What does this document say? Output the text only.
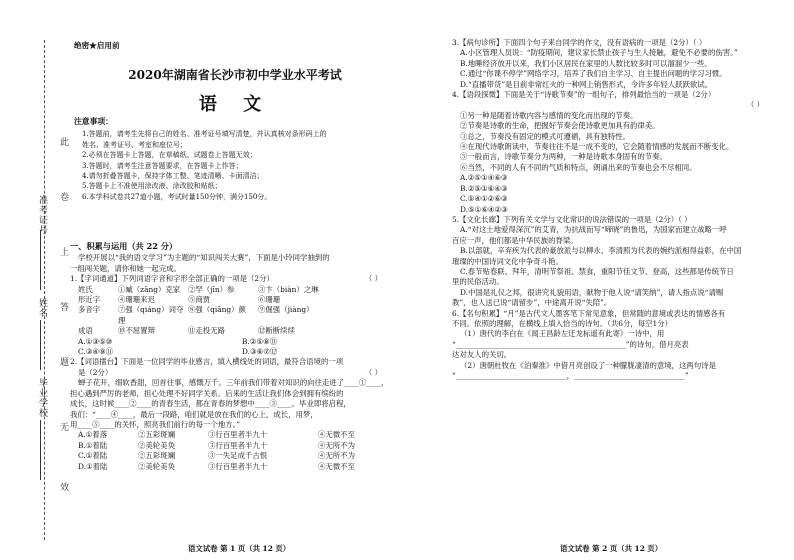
准考证号
姓名
毕业学校
此
卷
上
答
题
无
效
绝密★启用前
2020年湖南省长沙市初中学业水平考试
语 文
注意事项：
1.答题前，请考生先将自己的姓名、准考证号填写清楚，并认真核对条形码上的
姓名、准考证号、考室和座位号；
2.必须在答题卡上答题，在草稿纸、试题卷上答题无效；
3.答题时，请考生注意答题要求，在答题卡上作答；
4.请勿折叠答题卡，保持字体工整、笔迹清晰、卡面清洁；
5.答题卡上不准使用涂改液、涂改胶和贴纸；
6.本学科试卷共27道小题，考试时量150分钟，满分150分。
一、积累与运用（共 22 分）
学校开展以“我的语文学习”为主题的“知识闯关大赛”，下面是小玲同学抽到的
一组闯关题，请你和她一起完成。
1.【字词通道】下列词语字音和字形全部正确的一项是（2分）	（ ）
姓氏	①臧（zāng）克家	②罕（jīn）参	③卞（biàn）之琳
形近字	④珊珊来迟	⑤商贾	⑥珊珊
多音字	⑦强（qiáng）词夺理
⑧强（qiǎng）颜	⑨倔强（jiàng）
成语	⑩不屈置辩	⑪走投无路	⑫断断续续
A.①③⑤⑩	B.②⑤⑧⑪
C.③④⑨⑪	D.③⑥⑦⑫
2.【词语擂台】下面是一位同学的毕业感言，填入横线处的词语，最符合语境的一项
是（2分）	（ ）
蝉子花开，细软香甜，回首往事，感慨万千。三年前我们带着对知识的向往走进了____①____，
担心遇到严厉的老师，担心处理不好同学关系。后来的生活让我们体会到拥有缤纷的
成长，这时候____②____的青春生活，都在青春的梦想中____③____。毕业即将启程，
我们：“____④____，最后一段路，咱们就是放在我们的心上，成长，用梦，
用____⑤____的关怀，照亮我们前行的每一个地方。”
A.①着落	②五彩斑斓	③行百里者半九十	④无微不至
B.①着陆	②美轮美奂	③行百里者半九十	④无所不为
C.①着陆	②五彩斑斓	③一失足成千古恨	④无所不为
D.①着陆	②美轮美奂	③行百里者半九十	④无微不至
语文试卷 第 1 页（共 12 页）
3.【病句诊所】下面四个句子来自同学的作文，没有语病的一项是（2分）（ ）
A.小区管理人员说：“防疫期间，建议家长禁止孩子与生人接触，避免不必要的伤害。”
B.地睡经济放开以来，我们小区居民在家里的人数比较多时可以溜溜少一些。
C.通过“你课不停学”网络学习，培养了我们自主学习、自主提出问题的学习习惯。
D.“直播带货”是目前非常红火的一种网上销售形式，令许多年轻人跃跃欲试。
4.【语段探微】下面是关于“诗歌节奏”的一组句子，排列最恰当的一项是（2分）
（ ）
①另一种是随着诗歌内容与感情的变化而出现的节奏。
②节奏是诗歌的生命，把握好节奏会使诗歌更加具有韵律美。
③总之，节奏没有固定的模式可遵循，具有独特性。
④在现代诗歌朗读中，节奏往往不是一成不变的，它会随着情感的发展而不断变化。
⑤一般而言，诗歌节奏分为两种，一种是诗歌本身固有的节奏。
⑥当然，不同的人有不同的气质和特点，朗诵出来的节奏也会不尽相同。
A.②⑤①④⑥③
B.②⑤①⑥④③
C.⑤④①②⑥③
D.⑤①⑥④②③
5.【文化长廊】下列有关文学与文化常识的说法错误的一项是（2分）（ ）
A.“对这土地爱得深沉”的艾青，为抗战而写“啼晓”的鲁迅，为国家而建立战略一呼
百应一声，他们都是中华民族的脊梁。
B.以部就，辛弃疾为代表的豪放派与以柳永、李清照为代表的婉约派相得益彰，在中国
璀璨的中国诗词文化中争奇斗艳。
C.春节贴春联、拜年，清明节祭祖、禁食，重阳节佳文节、登高，这些都是传统节日
里的民俗活动。
D.中国是礼仪之邦，很讲究礼貌用语，献物于他人说“请笑纳”，请人指点说“请赐
教”，也人送已说“请留步”，中途离开说“失陪”。
6.【名句积累】“月”是古代文人墨客笔下常见意象，但常随的意境或表达的情感各有
不同。依照的理解，在横线上填入恰当的诗句。（共6分，每空1分）
（1）唐代的李白在《闻王昌龄左迁龙标遥有此寄》一诗中，用
“______________________________________________”的诗句，借月亮表
达对友人的关切。
（2）唐朝杜牧在《泊秦淮》中借月亮创设了一种朦胧凄清的意境，这两句诗是
“______________________________，______________________________”
语文试卷 第 2 页（共 12 页）
